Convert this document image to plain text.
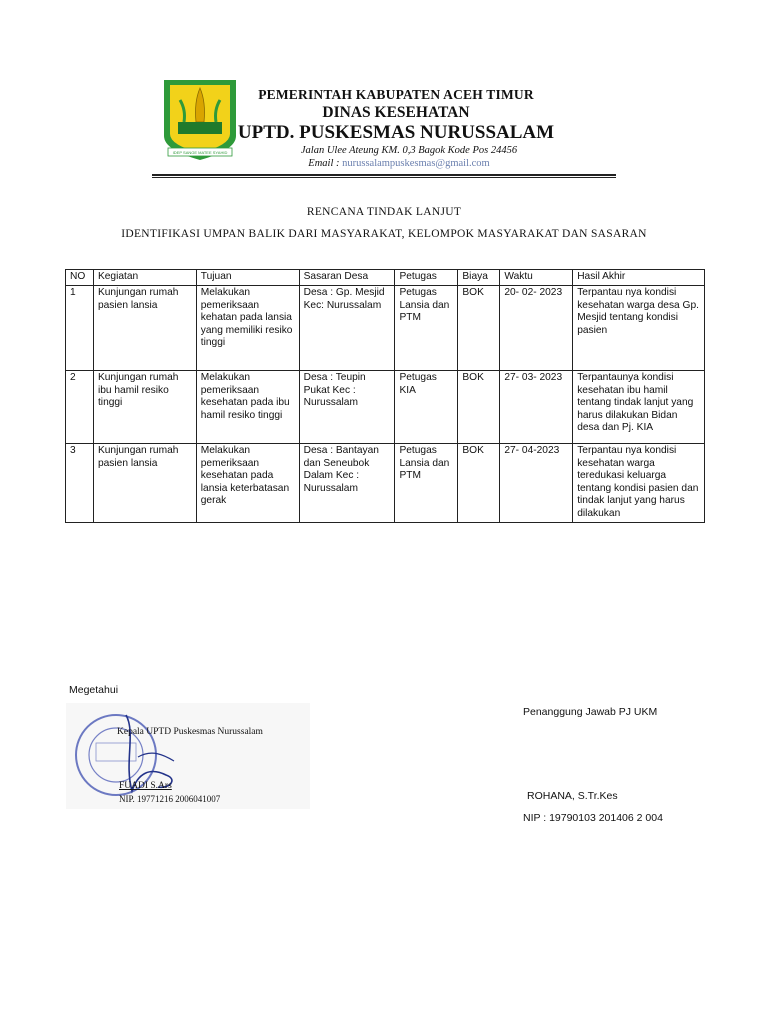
IDEP SANGE MATEE SYAHID
PEMERINTAH KABUPATEN ACEH TIMUR
DINAS KESEHATAN
UPTD. PUSKESMAS NURUSSALAM
Jalan Ulee Ateung KM. 0,3 Bagok Kode Pos 24456
Email : nurussalampuskesmas@gmail.com
RENCANA TINDAK LANJUT
IDENTIFIKASI UMPAN BALIK DARI MASYARAKAT, KELOMPOK MASYARAKAT DAN SASARAN
NO	Kegiatan	Tujuan	Sasaran Desa	Petugas	Biaya	Waktu	Hasil Akhir
1	Kunjungan rumah pasien lansia	Melakukan pemeriksaan kehatan pada lansia yang memiliki resiko tinggi	Desa : Gp. Mesjid Kec: Nurussalam	Petugas Lansia dan PTM	BOK	20- 02- 2023	Terpantau nya kondisi kesehatan warga desa Gp. Mesjid tentang kondisi pasien
2	Kunjungan rumah ibu hamil resiko tinggi	Melakukan pemeriksaan kesehatan pada ibu hamil resiko tinggi	Desa : Teupin Pukat Kec : Nurussalam	Petugas KIA	BOK	27- 03- 2023	Terpantaunya kondisi kesehatan ibu hamil tentang tindak lanjut yang harus dilakukan Bidan desa dan Pj. KIA
3	Kunjungan rumah pasien lansia	Melakukan pemeriksaan kesehatan pada lansia keterbatasan gerak	Desa : Bantayan dan Seneubok Dalam Kec : Nurussalam	Petugas Lansia dan PTM	BOK	27- 04-2023	Terpantau nya kondisi kesehatan warga teredukasi keluarga tentang kondisi pasien dan tindak lanjut yang harus dilakukan
Megetahui
Kepala UPTD Puskesmas Nurussalam
FUADI S.Ars
NIP. 19771216 2006041007
Penanggung Jawab PJ UKM
ROHANA, S.Tr.Kes
NIP : 19790103 201406 2 004
